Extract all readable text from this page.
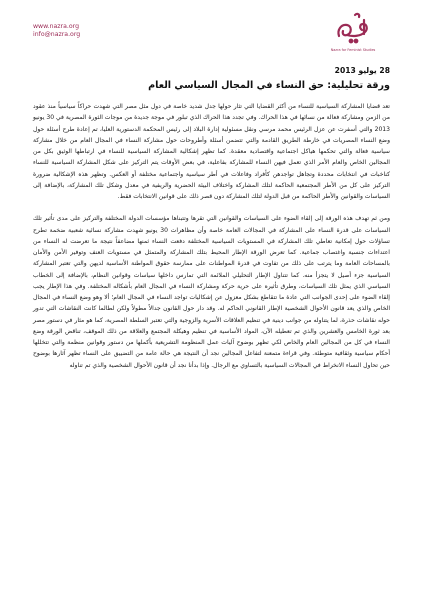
www.nazra.org
info@nazra.org
Nazra for Feminist Studies
28 يوليو 2013
ورقة تحليلية: حق النساء في المجال السياسي العام

تعد قضايا المشاركة السياسية للنساء من أكثر القضايا التي تثار حولها جدل شديد خاصة في دول مثل مصر التي شهدت حراكاً سياسياً منذ عقود من الزمن ومشاركة فعالة من نسائها في هذا الحراك. وفي تجدد هذا الحراك الذي تبلور في موجة جديدة من موجات الثورة المصرية في 30 يونيو 2013 والتي أسفرت عن عزل الرئيس محمد مرسي ونقل مسئولية إدارة البلاد إلى رئيس المحكمة الدستورية العليا، تم إعادة طرح أسئلة حول وضع النساء المصريات في خارطة الطريق القادمة والتي تتضمن أسئلة وأطروحات حول مشاركة النساء في المجال العام من خلال مشاركة سياسية فعالة والتي تحكمها هياكل اجتماعية واقتصادية معقدة. كما تظهر إشكالية المشاركة السياسية للنساء في ارتباطها الوثيق بكل من المجالين الخاص والعام الأمر الذي تعمل فيهن النساء للمشاركة بفاعلية، في بعض الأوقات يتم التركيز على شكل المشاركة السياسية للنساء كناخبات في انتخابات محددة وتجاهل تواجدهن كأفراد وفاعلات في أطر سياسية واجتماعية مختلفة أو العكس. وتظهر هذه الإشكالية ضرورة التركيز على كل من الأطر المجتمعية الحاكمة لتلك المشاركة واختلاف البيئة الحضرية والريفية في معدل وشكل تلك المشاركة، بالإضافة إلى السياسات والقوانين والأطر الحاكمة من قبل الدولة لتلك المشاركة دون قصر ذلك على قوانين الانتخابات فقط.

ومن ثم تهدف هذه الورقة إلى إلقاء الضوء على السياسات والقوانين التي تقرها وتتبناها مؤسسات الدولة المختلفة والتركيز على مدى تأثير تلك السياسات على قدرة النساء على المشاركة في المجالات العامة خاصة وأن مظاهرات 30 يونيو شهدت مشاركة نسائية شعبية ضخمة تطرح تساؤلات حول إمكانية تعاطي تلك المشاركة في المستويات السياسية المختلفة دفعت النساء ثمنها مضاعفاً نتيجة ما تعرضت له النساء من اعتداءات جنسية واغتصاب جماعية. كما تعرض الورقة الإطار المحيط بتلك المشاركة والمتمثل في مستويات العنف وتوفير الأمن والأمان بالمساحات العامة وما يترتب على ذلك من تفاوت في قدرة المواطنات على ممارسة حقوق المواطنة الأساسية لديهن والتي تعتبر المشاركة السياسية جزء أصيل لا يتجزأ منه. كما تتناول الإطار التحليلي الملائمة التي تمارس داخلها سياسات وقوانين النظام، بالإضافة إلى الخطاب السياسي الذي يمثل تلك السياسات، وطرق تأثيره على حرية حركة ومشاركة النساء في المجال العام بأشكاله المختلفة. وفي هذا الإطار يجب إلقاء الضوء على إحدى الجوانب التي عادة ما تتقاطع بشكل معزول عن إشكاليات تواجد النساء في المجال العام؛ ألا وهو وضع النساء في المجال الخاص والذي يعد قانون الأحوال الشخصية الإطار القانوني الحاكم له. وقد دار حول القانون جدالاً مطولاً ولكن لطالما كانت النقاشات التي تدور حوله نقاشات حذرة، لما يتناوله من جوانب دينية في تنظيم العلاقات الأسرية والزوجية والتي تعتبر السلطة المصرية، كما هو مثار في دستور مصر بعد ثورة الخامس والعشرين والذي تم تعطيله الآن، المواد الأساسية في تنظيم وهيكلة المجتمع والعلاقة من ذلك الموقف، تناقض الورقة وضع النساء في كل من المجالين العام والخاص لكي تظهر بوضوح آليات عمل المنظومة التشريعية بأكملها من دستور وقوانين منظمة والتي تتخللها أحكام سياسية وثقافية متوطئة. وفي قراءة متمعنة لتفاعل المجالين نجد أن النتيجة هي حالة عامة من التضييق على النساء تظهر آثارها بوضوح حين تحاول النساء الانخراط في المجالات السياسية بالتساوي مع الرجال. وإذا بدأنا نجد أن قانون الأحوال الشخصية والذي تم تناوله
